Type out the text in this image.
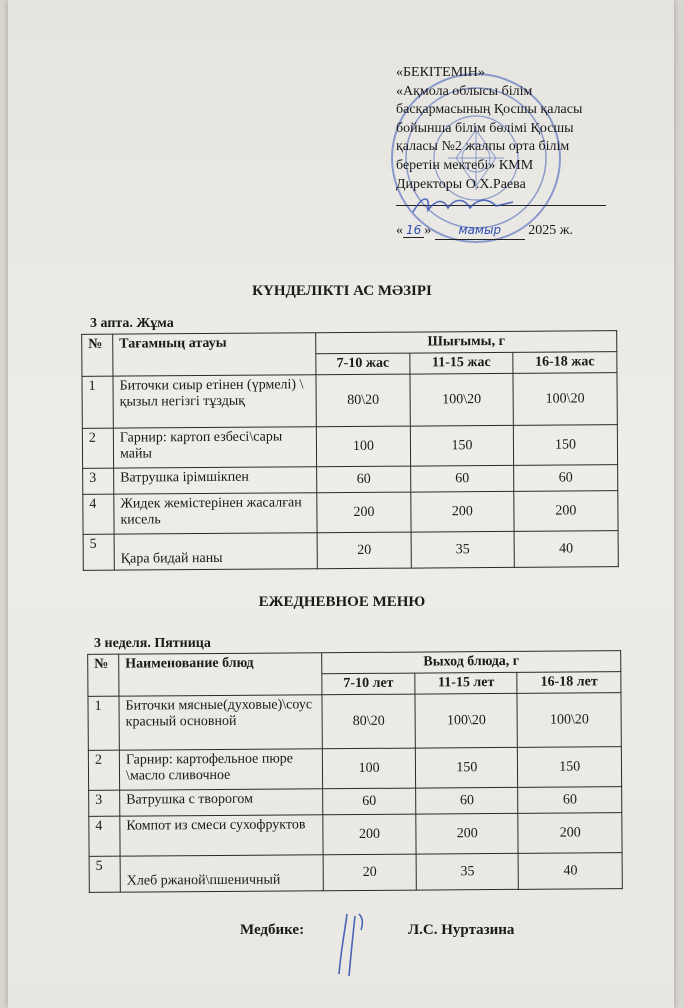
«БЕКІТЕМІН»
«Ақмола облысы білім
басқармасының Қосшы қаласы
бойынша білім бөлімі Қосшы
қаласы №2 жалпы орта білім
беретін мектебі» КММ
Директоры О.Х.Раева
« 16 » мамыр 2025 ж.
КҮНДЕЛІКТІ АС МӘЗІРІ
3 апта. Жұма
№	Тағамның атауы	Шығымы, г		
		7-10 жас	11-15 жас	16-18 жас
1	Биточки сиыр етінен (үрмелі) \ қызыл негізгі тұздық	80\20	100\20	100\20
2	Гарнир: картоп езбесі\сары майы	100	150	150
3	Ватрушка ірімшікпен	60	60	60
4	Жидек жемістерінен жасалған кисель	200	200	200
5	Қара бидай наны	20	35	40
ЕЖЕДНЕВНОЕ МЕНЮ
3 неделя. Пятница
№	Наименование блюд	Выход блюда, г		
		7-10 лет	11-15 лет	16-18 лет
1	Биточки мясные(духовые)\соус красный основной	80\20	100\20	100\20
2	Гарнир: картофельное пюре \масло сливочное	100	150	150
3	Ватрушка с творогом	60	60	60
4	Компот из смеси сухофруктов	200	200	200
5	Хлеб ржаной\пшеничный	20	35	40
Медбике:	Л.С. Нуртазина
